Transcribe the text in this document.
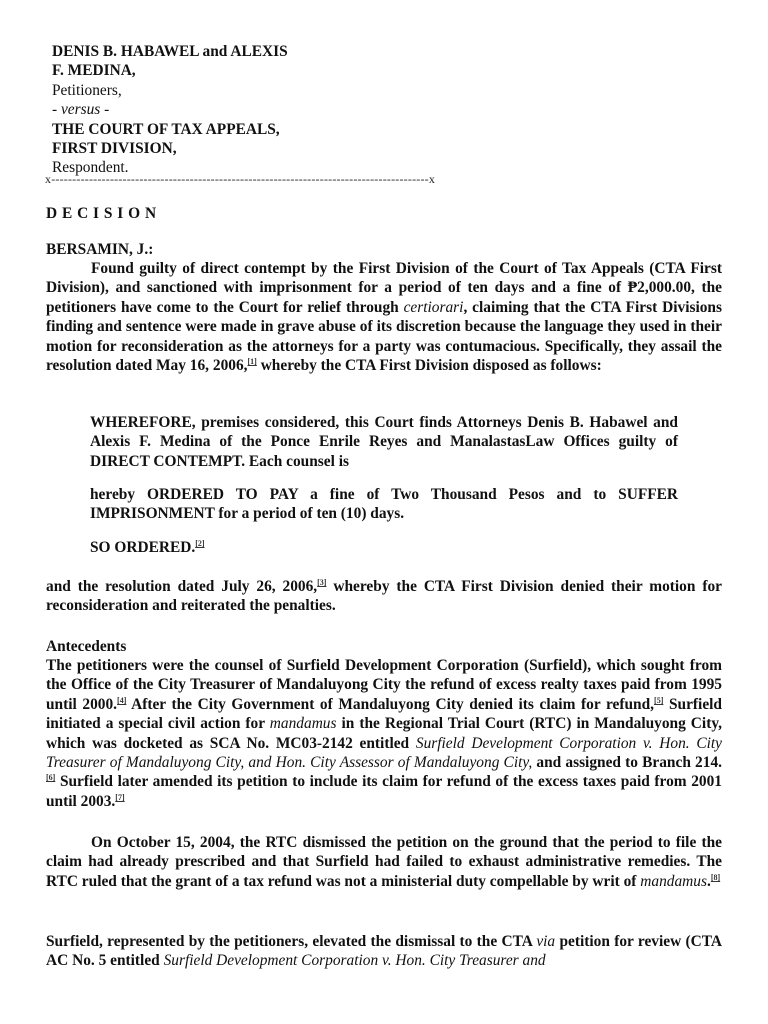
DENIS B. HABAWEL and ALEXIS
F. MEDINA,
Petitioners,
- versus -
THE COURT OF TAX APPEALS,
FIRST DIVISION,
Respondent.
x------------------------------------------------------------------------------------------x
D E C I S I O N
BERSAMIN, J.:
Found guilty of direct contempt by the First Division of the Court of Tax Appeals (CTA First Division), and sanctioned with imprisonment for a period of ten days and a fine of ₱2,000.00, the petitioners have come to the Court for relief through certiorari, claiming that the CTA First Divisions finding and sentence were made in grave abuse of its discretion because the language they used in their motion for reconsideration as the attorneys for a party was contumacious. Specifically, they assail the resolution dated May 16, 2006,[1] whereby the CTA First Division disposed as follows:
WHEREFORE, premises considered, this Court finds Attorneys Denis B. Habawel and Alexis F. Medina of the Ponce Enrile Reyes and ManalastasLaw Offices guilty of DIRECT CONTEMPT. Each counsel is
hereby ORDERED TO PAY a fine of Two Thousand Pesos and to SUFFER IMPRISONMENT for a period of ten (10) days.
SO ORDERED.[2]
and the resolution dated July 26, 2006,[3] whereby the CTA First Division denied their motion for reconsideration and reiterated the penalties.
Antecedents
The petitioners were the counsel of Surfield Development Corporation (Surfield), which sought from the Office of the City Treasurer of Mandaluyong City the refund of excess realty taxes paid from 1995 until 2000.[4] After the City Government of Mandaluyong City denied its claim for refund,[5] Surfield initiated a special civil action for mandamus in the Regional Trial Court (RTC) in Mandaluyong City, which was docketed as SCA No. MC03-2142 entitled Surfield Development Corporation v. Hon. City Treasurer of Mandaluyong City, and Hon. City Assessor of Mandaluyong City, and assigned to Branch 214.[6] Surfield later amended its petition to include its claim for refund of the excess taxes paid from 2001 until 2003.[7]
On October 15, 2004, the RTC dismissed the petition on the ground that the period to file the claim had already prescribed and that Surfield had failed to exhaust administrative remedies. The RTC ruled that the grant of a tax refund was not a ministerial duty compellable by writ of mandamus.[8]
Surfield, represented by the petitioners, elevated the dismissal to the CTA via petition for review (CTA AC No. 5 entitled Surfield Development Corporation v. Hon. City Treasurer and
